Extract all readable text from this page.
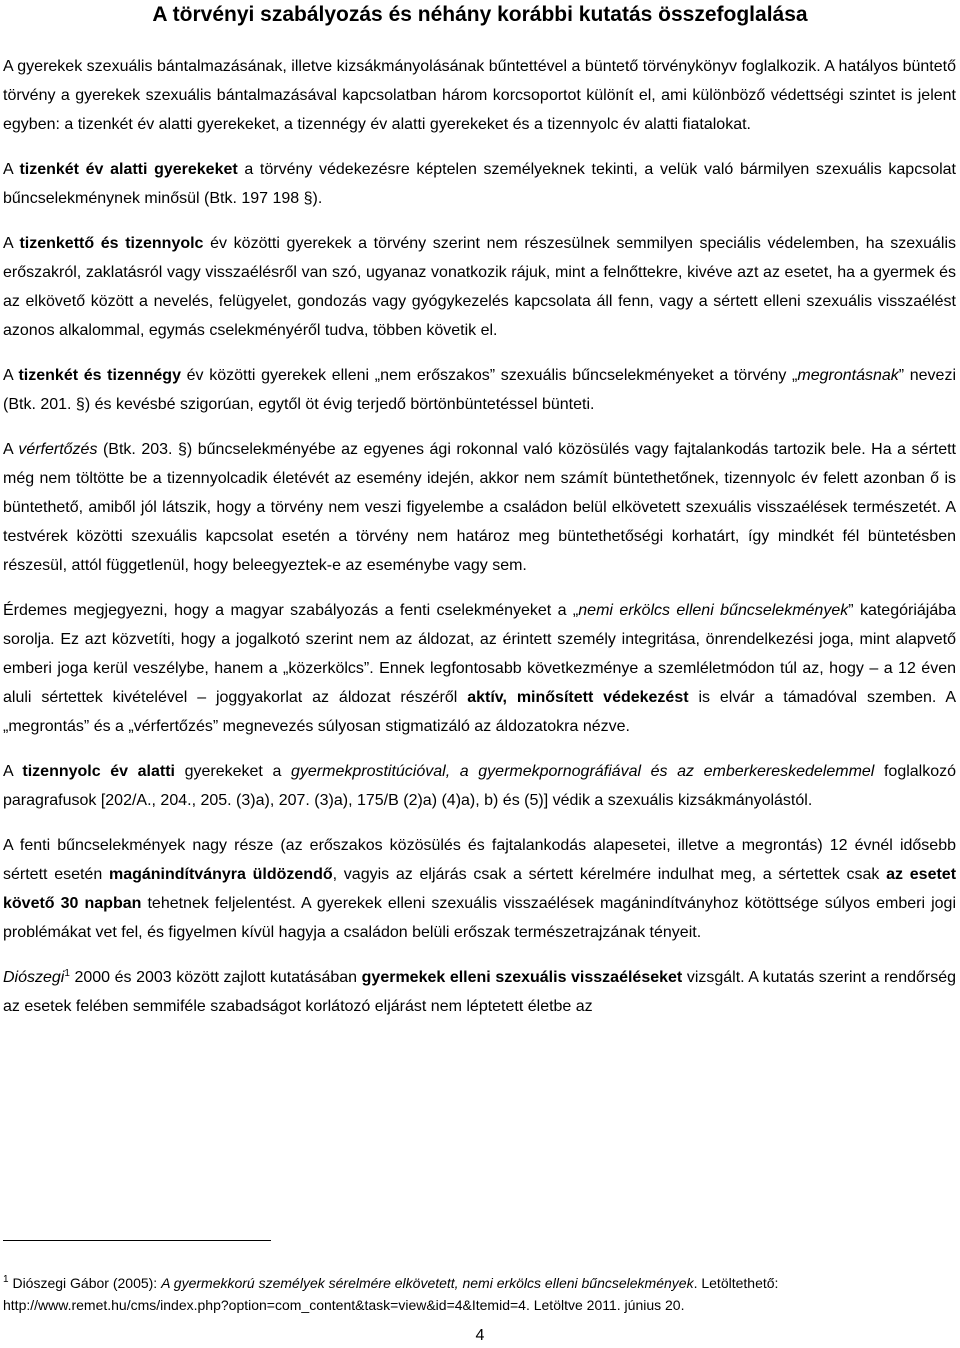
A törvényi szabályozás és néhány korábbi kutatás összefoglalása

A gyerekek szexuális bántalmazásának, illetve kizsákmányolásának bűntettével a büntető törvénykönyv foglalkozik. A hatályos büntető törvény a gyerekek szexuális bántalmazásával kapcsolatban három korcsoportot különít el, ami különböző védettségi szintet is jelent egyben: a tizenkét év alatti gyerekeket, a tizennégy év alatti gyerekeket és a tizennyolc év alatti fiatalokat.

A tizenkét év alatti gyerekeket a törvény védekezésre képtelen személyeknek tekinti, a velük való bármilyen szexuális kapcsolat bűncselekménynek minősül (Btk. 197 198 §).

A tizenkettő és tizennyolc év közötti gyerekek a törvény szerint nem részesülnek semmilyen speciális védelemben, ha szexuális erőszakról, zaklatásról vagy visszaélésről van szó, ugyanaz vonatkozik rájuk, mint a felnőttekre, kivéve azt az esetet, ha a gyermek és az elkövető között a nevelés, felügyelet, gondozás vagy gyógykezelés kapcsolata áll fenn, vagy a sértett elleni szexuális visszaélést azonos alkalommal, egymás cselekményéről tudva, többen követik el.

A tizenkét és tizennégy év közötti gyerekek elleni „nem erőszakos” szexuális bűncselekményeket a törvény „megrontásnak” nevezi (Btk. 201. §) és kevésbé szigorúan, egytől öt évig terjedő börtönbüntetéssel bünteti.

A vérfertőzés (Btk. 203. §) bűncselekményébe az egyenes ági rokonnal való közösülés vagy fajtalankodás tartozik bele. Ha a sértett még nem töltötte be a tizennyolcadik életévét az esemény idején, akkor nem számít büntethetőnek, tizennyolc év felett azonban ő is büntethető, amiből jól látszik, hogy a törvény nem veszi figyelembe a családon belül elkövetett szexuális visszaélések természetét. A testvérek közötti szexuális kapcsolat esetén a törvény nem határoz meg büntethetőségi korhatárt, így mindkét fél büntetésben részesül, attól függetlenül, hogy beleegyeztek-e az eseménybe vagy sem.

Érdemes megjegyezni, hogy a magyar szabályozás a fenti cselekményeket a „nemi erkölcs elleni bűncselekmények” kategóriájába sorolja. Ez azt közvetíti, hogy a jogalkotó szerint nem az áldozat, az érintett személy integritása, önrendelkezési joga, mint alapvető emberi joga kerül veszélybe, hanem a „közerkölcs”. Ennek legfontosabb következménye a szemléletmódon túl az, hogy – a 12 éven aluli sértettek kivételével – joggyakorlat az áldozat részéről aktív, minősített védekezést is elvár a támadóval szemben. A „megrontás” és a „vérfertőzés” megnevezés súlyosan stigmatizáló az áldozatokra nézve.

A tizennyolc év alatti gyerekeket a gyermekprostitúcióval, a gyermekpornográfiával és az emberkereskedelemmel foglalkozó paragrafusok [202/A., 204., 205. (3)a), 207. (3)a), 175/B (2)a) (4)a), b) és (5)] védik a szexuális kizsákmányolástól.

A fenti bűncselekmények nagy része (az erőszakos közösülés és fajtalankodás alapesetei, illetve a megrontás) 12 évnél idősebb sértett esetén magánindítványra üldözendő, vagyis az eljárás csak a sértett kérelmére indulhat meg, a sértettek csak az esetet követő 30 napban tehetnek feljelentést. A gyerekek elleni szexuális visszaélések magánindítványhoz kötöttsége súlyos emberi jogi problémákat vet fel, és figyelmen kívül hagyja a családon belüli erőszak természetrajzának tényeit.

Diószegi$^1$ 2000 és 2003 között zajlott kutatásában gyermekek elleni szexuális visszaéléseket vizsgált. A kutatás szerint a rendőrség az esetek felében semmiféle szabadságot korlátozó eljárást nem léptetett életbe az

$^1$ Diószegi Gábor (2005): A gyermekkorú személyek sérelmére elkövetett, nemi erkölcs elleni bűncselekmények. Letöltethető: http://www.remet.hu/cms/index.php?option=com_content&task=view&id=4&Itemid=4. Letöltve 2011. június 20.
4
